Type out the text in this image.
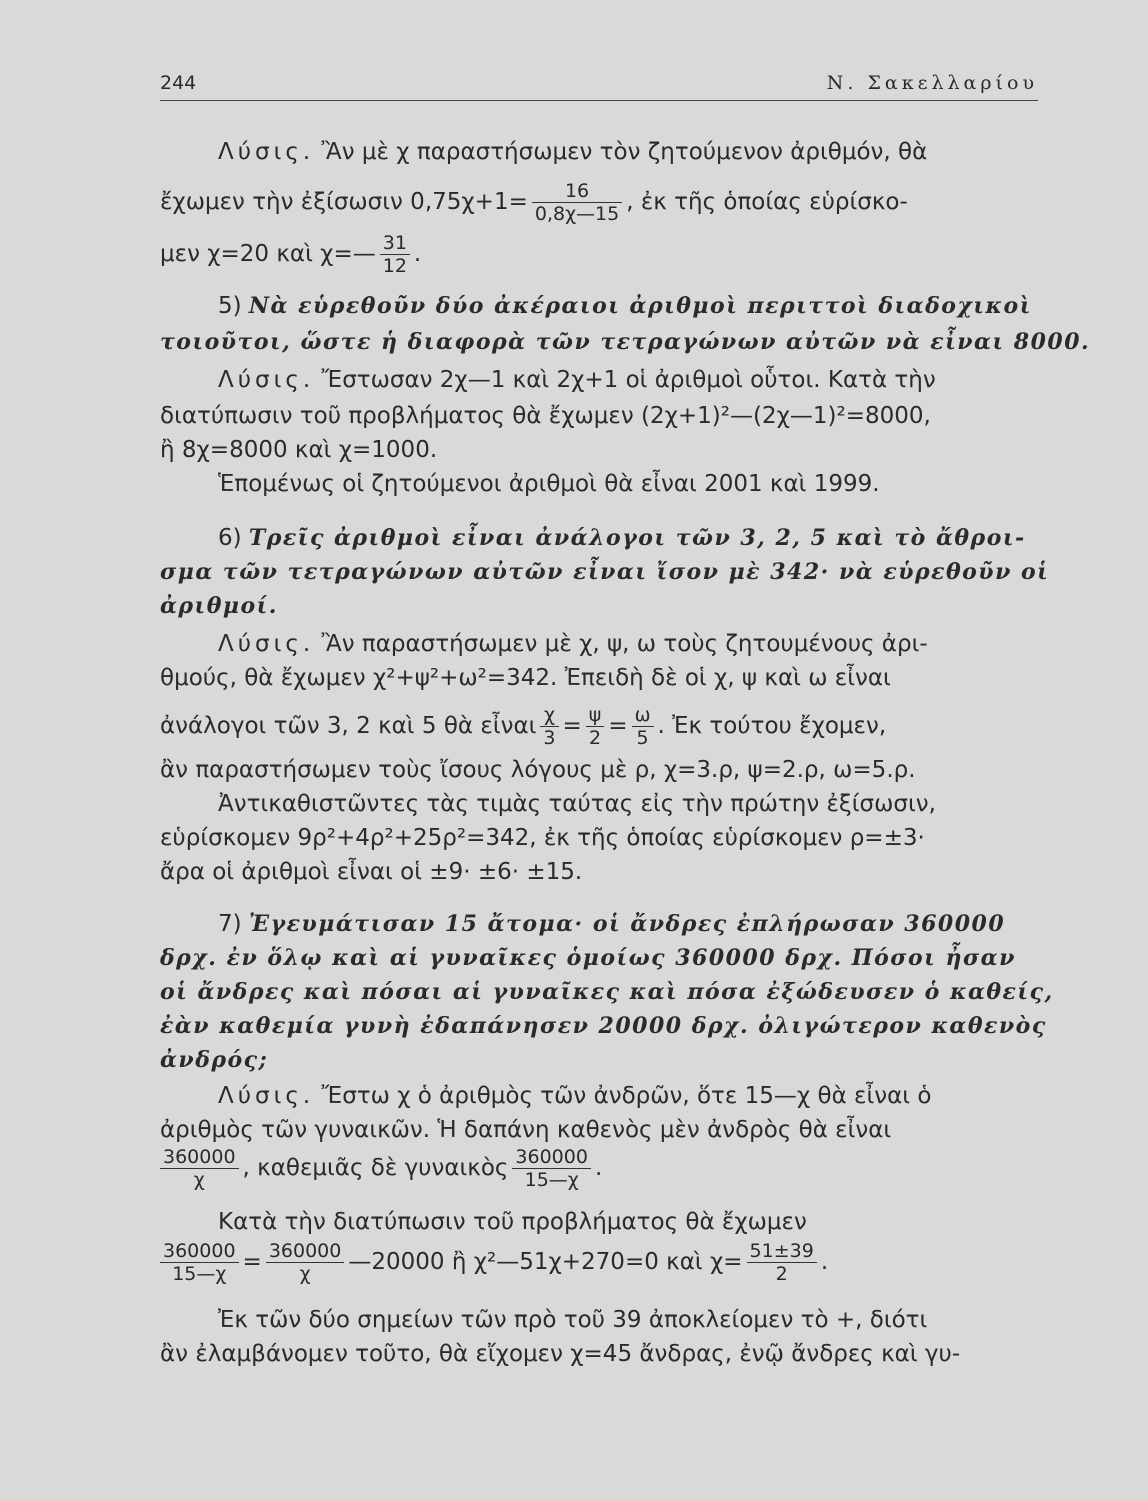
244	Ν. Σακελλαρίου
Λύσις. Ἂν μὲ χ παραστήσωμεν τὸν ζητούμενον ἀριθμόν, θὰ
ἔχωμεν τὴν ἐξίσωσιν $0,75\chi+1= \frac{16}{0,8\chi—15}$ , ἐκ τῆς ὁποίας εὑρίσκο-
μεν χ=20 καὶ χ=— $\frac{31}{12}$ .
5) Νὰ εὑρεθοῦν δύο ἀκέραιοι ἀριθμοὶ περιττοὶ διαδοχικοὶ
τοιοῦτοι, ὥστε ἡ διαφορὰ τῶν τετραγώνων αὐτῶν νὰ εἶναι 8000.
Λύσις. Ἔστωσαν 2χ—1 καὶ 2χ+1 οἱ ἀριθμοὶ οὗτοι. Κατὰ τὴν
διατύπωσιν τοῦ προβλήματος θὰ ἔχωμεν (2χ+1)²—(2χ—1)²=8000,
ἢ 8χ=8000 καὶ χ=1000.
Ἑπομένως οἱ ζητούμενοι ἀριθμοὶ θὰ εἶναι 2001 καὶ 1999.
6) Τρεῖς ἀριθμοὶ εἶναι ἀνάλογοι τῶν 3, 2, 5 καὶ τὸ ἄθροι-
σμα τῶν τετραγώνων αὐτῶν εἶναι ἴσον μὲ 342· νὰ εὑρεθοῦν οἱ
ἀριθμοί.
Λύσις. Ἂν παραστήσωμεν μὲ χ, ψ, ω τοὺς ζητουμένους ἀρι-
θμούς, θὰ ἔχωμεν χ²+ψ²+ω²=342. Ἐπειδὴ δὲ οἱ χ, ψ καὶ ω εἶναι
ἀνάλογοι τῶν 3, 2 καὶ 5 θὰ εἶναι $\frac{\chi}{3} = \frac{\psi}{2} = \frac{\omega}{5}$ . Ἐκ τούτου ἔχομεν,
ἂν παραστήσωμεν τοὺς ἴσους λόγους μὲ ρ, χ=3.ρ, ψ=2.ρ, ω=5.ρ.
Ἀντικαθιστῶντες τὰς τιμὰς ταύτας εἰς τὴν πρώτην ἐξίσωσιν,
εὑρίσκομεν 9ρ²+4ρ²+25ρ²=342, ἐκ τῆς ὁποίας εὑρίσκομεν ρ=±3·
ἄρα οἱ ἀριθμοὶ εἶναι οἱ ±9· ±6· ±15.
7) Ἐγευμάτισαν 15 ἄτομα· οἱ ἄνδρες ἐπλήρωσαν 360000
δρχ. ἐν ὅλῳ καὶ αἱ γυναῖκες ὁμοίως 360000 δρχ. Πόσοι ἦσαν
οἱ ἄνδρες καὶ πόσαι αἱ γυναῖκες καὶ πόσα ἐξώδευσεν ὁ καθείς,
ἐὰν καθεμία γυνὴ ἐδαπάνησεν 20000 δρχ. ὀλιγώτερον καθενὸς
ἀνδρός;
Λύσις. Ἔστω χ ὁ ἀριθμὸς τῶν ἀνδρῶν, ὅτε 15—χ θὰ εἶναι ὁ
ἀριθμὸς τῶν γυναικῶν. Ἡ δαπάνη καθενὸς μὲν ἀνδρὸς θὰ εἶναι
$\frac{360000}{\chi}$ , καθεμιᾶς δὲ γυναικὸς $\frac{360000}{15—\chi}$ .
Κατὰ τὴν διατύπωσιν τοῦ προβλήματος θὰ ἔχωμεν
$\frac{360000}{15—\chi} = \frac{360000}{\chi}$ —20000 ἢ χ²—51χ+270=0 καὶ $\chi= \frac{51\pm 39}{2}$ .
Ἐκ τῶν δύο σημείων τῶν πρὸ τοῦ 39 ἀποκλείομεν τὸ +, διότι
ἂν ἐλαμβάνομεν τοῦτο, θὰ εἴχομεν χ=45 ἄνδρας, ἐνῷ ἄνδρες καὶ γυ-
